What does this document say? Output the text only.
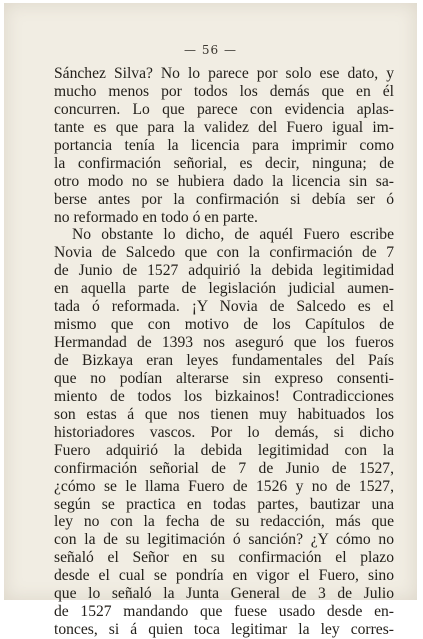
— 56 —
Sánchez Silva? No lo parece por solo ese dato, y
mucho menos por todos los demás que en él
concurren. Lo que parece con evidencia aplas-
tante es que para la validez del Fuero igual im-
portancia tenía la licencia para imprimir como
la confirmación señorial, es decir, ninguna; de
otro modo no se hubiera dado la licencia sin sa-
berse antes por la confirmación si debía ser ó
no reformado en todo ó en parte.
No obstante lo dicho, de aquél Fuero escribe
Novia de Salcedo que con la confirmación de 7
de Junio de 1527 adquirió la debida legitimidad
en aquella parte de legislación judicial aumen-
tada ó reformada. ¡Y Novia de Salcedo es el
mismo que con motivo de los Capítulos de
Hermandad de 1393 nos aseguró que los fueros
de Bizkaya eran leyes fundamentales del País
que no podían alterarse sin expreso consenti-
miento de todos los bizkainos! Contradicciones
son estas á que nos tienen muy habituados los
historiadores vascos. Por lo demás, si dicho
Fuero adquirió la debida legitimidad con la
confirmación señorial de 7 de Junio de 1527,
¿cómo se le llama Fuero de 1526 y no de 1527,
según se practica en todas partes, bautizar una
ley no con la fecha de su redacción, más que
con la de su legitimación ó sanción? ¿Y cómo no
señaló el Señor en su confirmación el plazo
desde el cual se pondría en vigor el Fuero, sino
que lo señaló la Junta General de 3 de Julio
de 1527 mandando que fuese usado desde en-
tonces, si á quien toca legitimar la ley corres-
